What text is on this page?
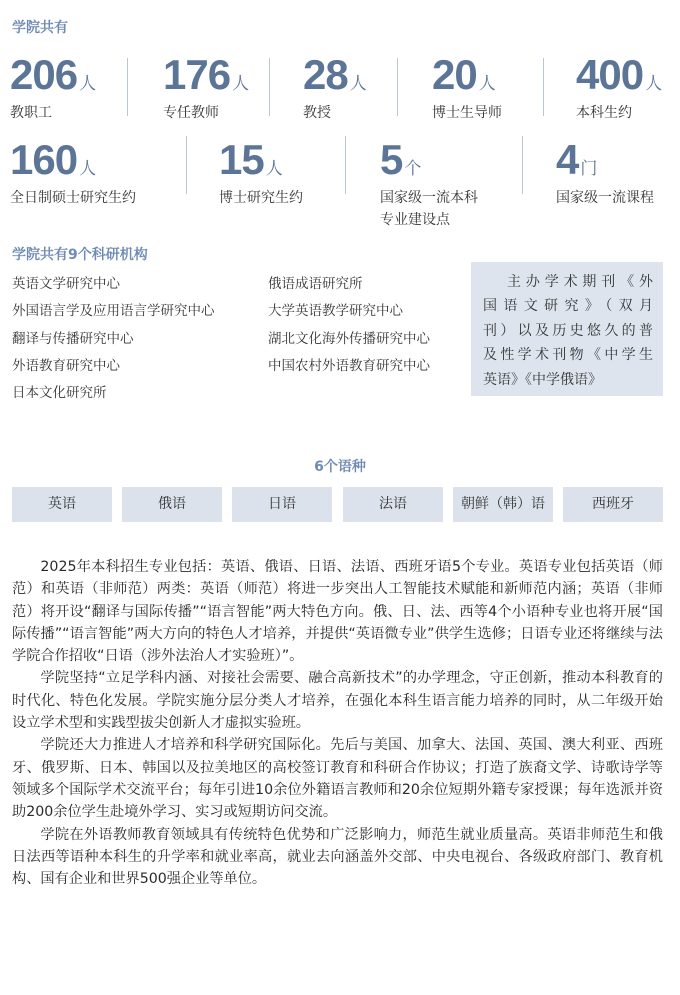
学院共有
206 人
教职工
176 人
专任教师
28 人
教授
20 人
博士生导师
400 人
本科生约
160 人
全日制硕士研究生约
15 人
博士研究生约
5 个
国家级一流本科
专业建设点
4 门
国家级一流课程
学院共有9个科研机构
英语文学研究中心
外国语言学及应用语言学研究中心
翻译与传播研究中心
外语教育研究中心
日本文化研究所
俄语成语研究所
大学英语教学研究中心
湖北文化海外传播研究中心
中国农村外语教育研究中心
主办学术期刊《外
国语文研究》（双月
刊）以及历史悠久的普
及性学术刊物《中学生
英语》《中学俄语》
6个语种
英语	俄语	日语	法语	朝鲜（韩）语	西班牙

2025年本科招生专业包括：英语、俄语、日语、法语、西班牙语5个专业。英语专业包括英语（师范）和英语（非师范）两类：英语（师范）将进一步突出人工智能技术赋能和新师范内涵；英语（非师范）将开设“翻译与国际传播”“语言智能”两大特色方向。俄、日、法、西等4个小语种专业也将开展“国际传播”“语言智能”两大方向的特色人才培养，并提供“英语微专业”供学生选修；日语专业还将继续与法学院合作招收“日语（涉外法治人才实验班）”。

学院坚持“立足学科内涵、对接社会需要、融合高新技术”的办学理念，守正创新，推动本科教育的时代化、特色化发展。学院实施分层分类人才培养，在强化本科生语言能力培养的同时，从二年级开始设立学术型和实践型拔尖创新人才虚拟实验班。

学院还大力推进人才培养和科学研究国际化。先后与美国、加拿大、法国、英国、澳大利亚、西班牙、俄罗斯、日本、韩国以及拉美地区的高校签订教育和科研合作协议；打造了族裔文学、诗歌诗学等领域多个国际学术交流平台；每年引进10余位外籍语言教师和20余位短期外籍专家授课；每年选派并资助200余位学生赴境外学习、实习或短期访问交流。

学院在外语教师教育领域具有传统特色优势和广泛影响力，师范生就业质量高。英语非师范生和俄日法西等语种本科生的升学率和就业率高，就业去向涵盖外交部、中央电视台、各级政府部门、教育机构、国有企业和世界500强企业等单位。
